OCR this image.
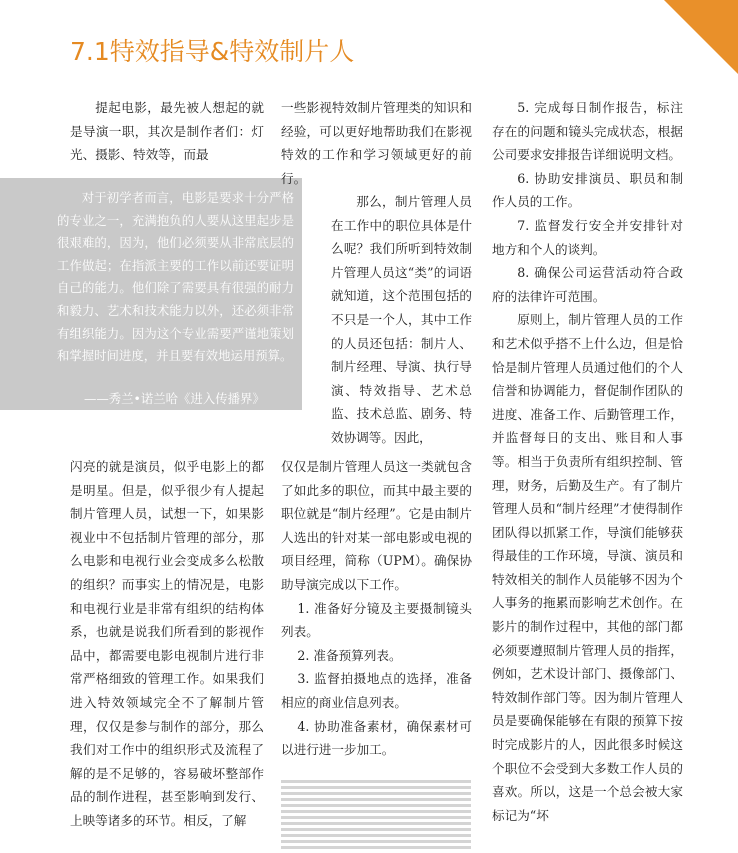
7.1特效指导&特效制片人

提起电影，最先被人想起的就是导演一职，其次是制作者们：灯光、摄影、特效等，而最

对于初学者而言，电影是要求十分严格的专业之一，充满抱负的人要从这里起步是很艰难的，因为，他们必须要从非常底层的工作做起；在指派主要的工作以前还要证明自己的能力。他们除了需要具有很强的耐力和毅力、艺术和技术能力以外，还必须非常有组织能力。因为这个专业需要严谨地策划和掌握时间进度，并且要有效地运用预算。

——秀兰•诺兰哈《进入传播界》

闪亮的就是演员，似乎电影上的都是明星。但是，似乎很少有人提起制片管理人员，试想一下，如果影视业中不包括制片管理的部分，那么电影和电视行业会变成多么松散的组织？而事实上的情况是，电影和电视行业是非常有组织的结构体系，也就是说我们所看到的影视作品中，都需要电影电视制片进行非常严格细致的管理工作。如果我们进入特效领域完全不了解制片管理，仅仅是参与制作的部分，那么我们对工作中的组织形式及流程了解的是不足够的，容易破坏整部作品的制作进程，甚至影响到发行、上映等诸多的环节。相反，了解

一些影视特效制片管理类的知识和经验，可以更好地帮助我们在影视特效的工作和学习领域更好的前行。

那么，制片管理人员在工作中的职位具体是什么呢？我们所听到特效制片管理人员这“类”的词语就知道，这个范围包括的不只是一个人，其中工作的人员还包括：制片人、制片经理、导演、执行导演、特效指导、艺术总监、技术总监、剧务、特效协调等。因此，

仅仅是制片管理人员这一类就包含了如此多的职位，而其中最主要的职位就是“制片经理”。它是由制片人选出的针对某一部电影或电视的项目经理，简称（UPM）。确保协助导演完成以下工作。

1. 准备好分镜及主要摄制镜头列表。

2. 准备预算列表。

3. 监督拍摄地点的选择，准备相应的商业信息列表。

4. 协助准备素材，确保素材可以进行进一步加工。

5. 完成每日制作报告，标注存在的问题和镜头完成状态，根据公司要求安排报告详细说明文档。

6. 协助安排演员、职员和制作人员的工作。

7. 监督发行安全并安排针对地方和个人的谈判。

8. 确保公司运营活动符合政府的法律许可范围。

原则上，制片管理人员的工作和艺术似乎搭不上什么边，但是恰恰是制片管理人员通过他们的个人信誉和协调能力，督促制作团队的进度、准备工作、后勤管理工作，并监督每日的支出、账目和人事等。相当于负责所有组织控制、管理，财务，后勤及生产。有了制片管理人员和“制片经理”才使得制作团队得以抓紧工作，导演们能够获得最佳的工作环境，导演、演员和特效相关的制作人员能够不因为个人事务的拖累而影响艺术创作。在影片的制作过程中，其他的部门都必须要遵照制片管理人员的指挥，例如，艺术设计部门、摄像部门、特效制作部门等。因为制片管理人员是要确保能够在有限的预算下按时完成影片的人，因此很多时候这个职位不会受到大多数工作人员的喜欢。所以，这是一个总会被大家标记为“坏
